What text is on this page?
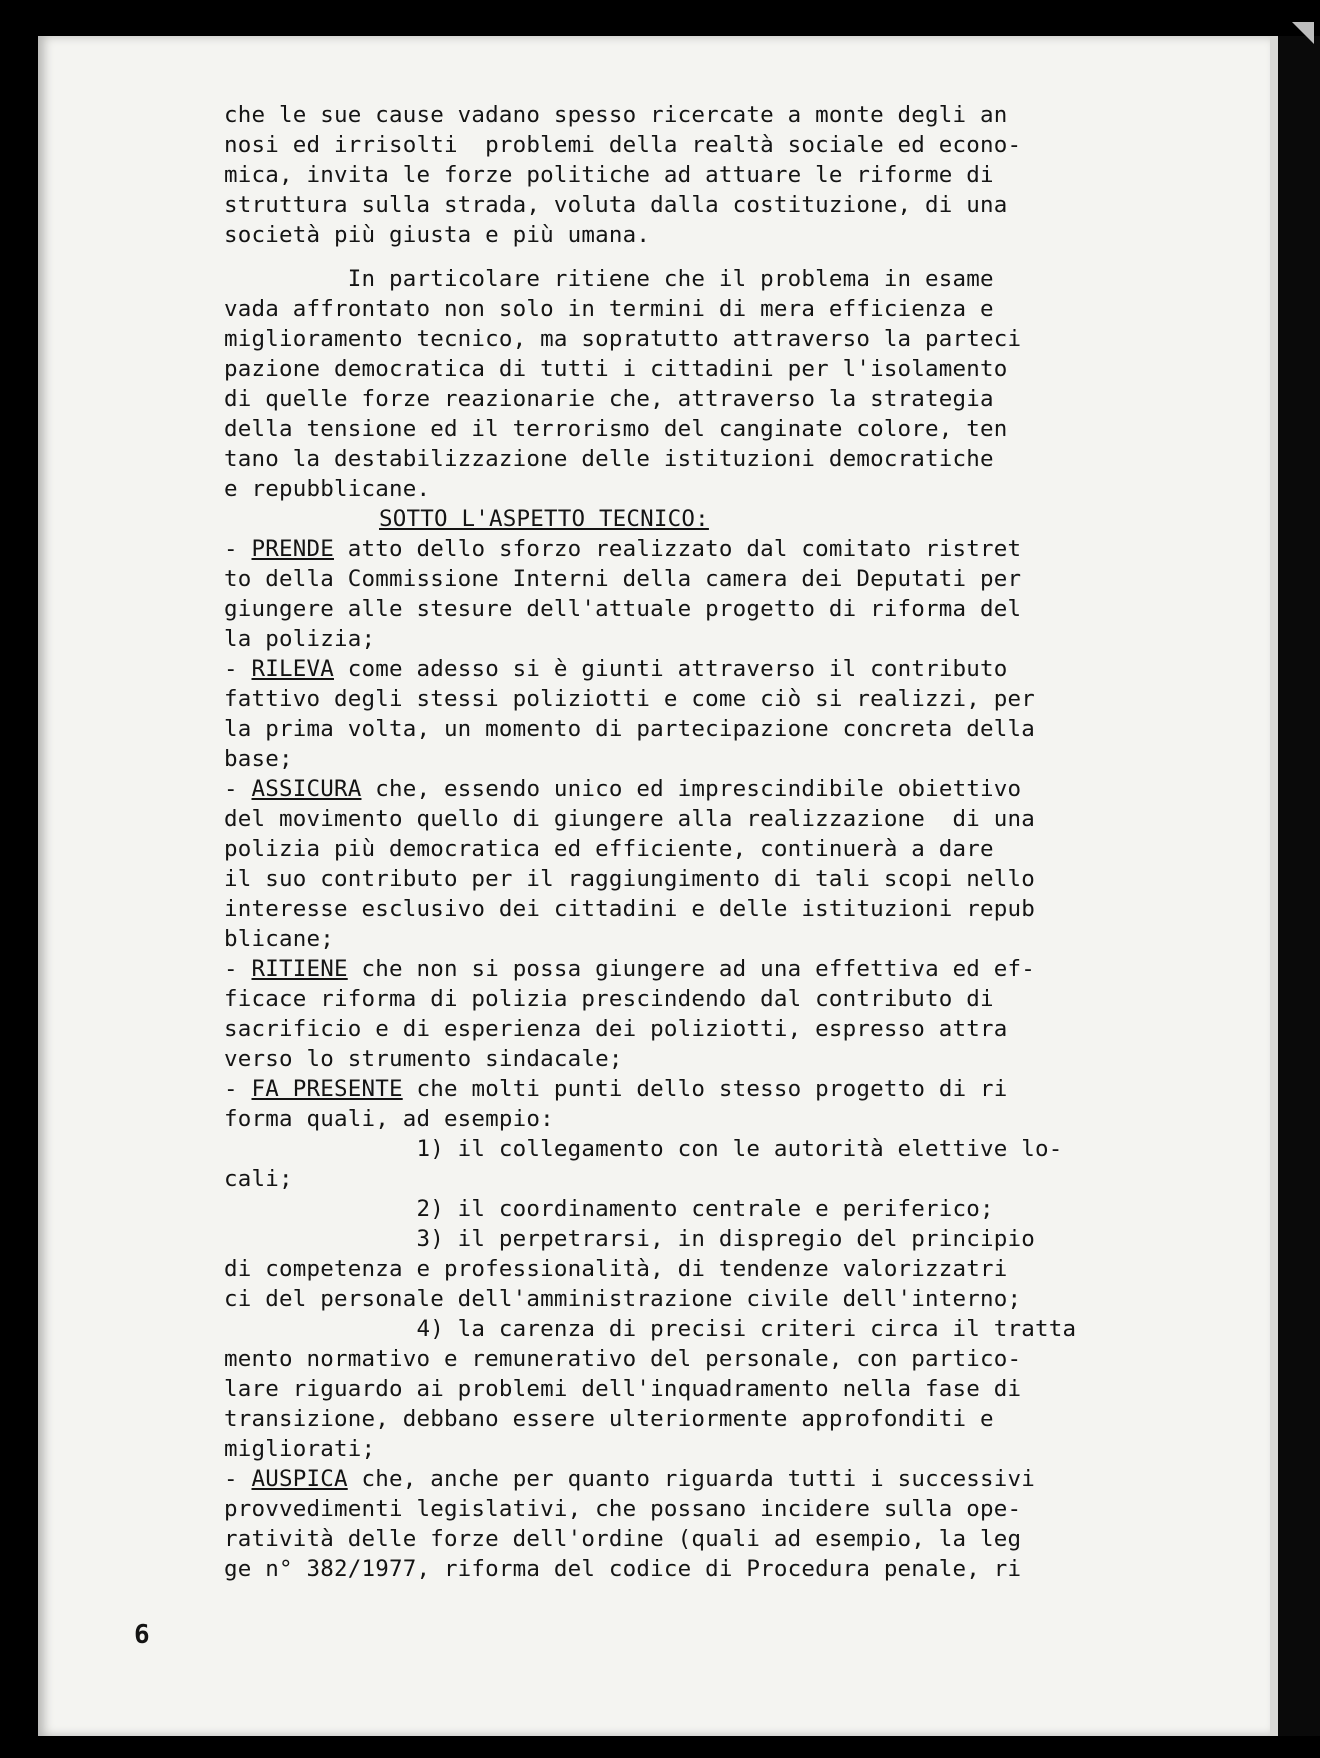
che le sue cause vadano spesso ricercate a monte degli an

nosi ed irrisolti  problemi della realtà sociale ed econo-

mica, invita le forze politiche ad attuare le riforme di

struttura sulla strada, voluta dalla costituzione, di una

società più giusta e più umana.

In particolare ritiene che il problema in esame

vada affrontato non solo in termini di mera efficienza e

miglioramento tecnico, ma sopratutto attraverso la parteci

pazione democratica di tutti i cittadini per l'isolamento

di quelle forze reazionarie che, attraverso la strategia

della tensione ed il terrorismo del canginate colore, ten

tano la destabilizzazione delle istituzioni democratiche

e repubblicane.

SOTTO L'ASPETTO TECNICO:

- PRENDE atto dello sforzo realizzato dal comitato ristret

to della Commissione Interni della camera dei Deputati per

giungere alle stesure dell'attuale progetto di riforma del

la polizia;

- RILEVA come adesso si è giunti attraverso il contributo

fattivo degli stessi poliziotti e come ciò si realizzi, per

la prima volta, un momento di partecipazione concreta della

base;

- ASSICURA che, essendo unico ed imprescindibile obiettivo

del movimento quello di giungere alla realizzazione  di una

polizia più democratica ed efficiente, continuerà a dare

il suo contributo per il raggiungimento di tali scopi nello

interesse esclusivo dei cittadini e delle istituzioni repub

blicane;

- RITIENE che non si possa giungere ad una effettiva ed ef-

ficace riforma di polizia prescindendo dal contributo di

sacrificio e di esperienza dei poliziotti, espresso attra

verso lo strumento sindacale;

- FA PRESENTE che molti punti dello stesso progetto di ri

forma quali, ad esempio:

1) il collegamento con le autorità elettive lo-

cali;

2) il coordinamento centrale e periferico;

3) il perpetrarsi, in dispregio del principio

di competenza e professionalità, di tendenze valorizzatri

ci del personale dell'amministrazione civile dell'interno;

4) la carenza di precisi criteri circa il tratta

mento normativo e remunerativo del personale, con partico-

lare riguardo ai problemi dell'inquadramento nella fase di

transizione, debbano essere ulteriormente approfonditi e

migliorati;

- AUSPICA che, anche per quanto riguarda tutti i successivi

provvedimenti legislativi, che possano incidere sulla ope-

ratività delle forze dell'ordine (quali ad esempio, la leg

ge n° 382/1977, riforma del codice di Procedura penale, ri

6
